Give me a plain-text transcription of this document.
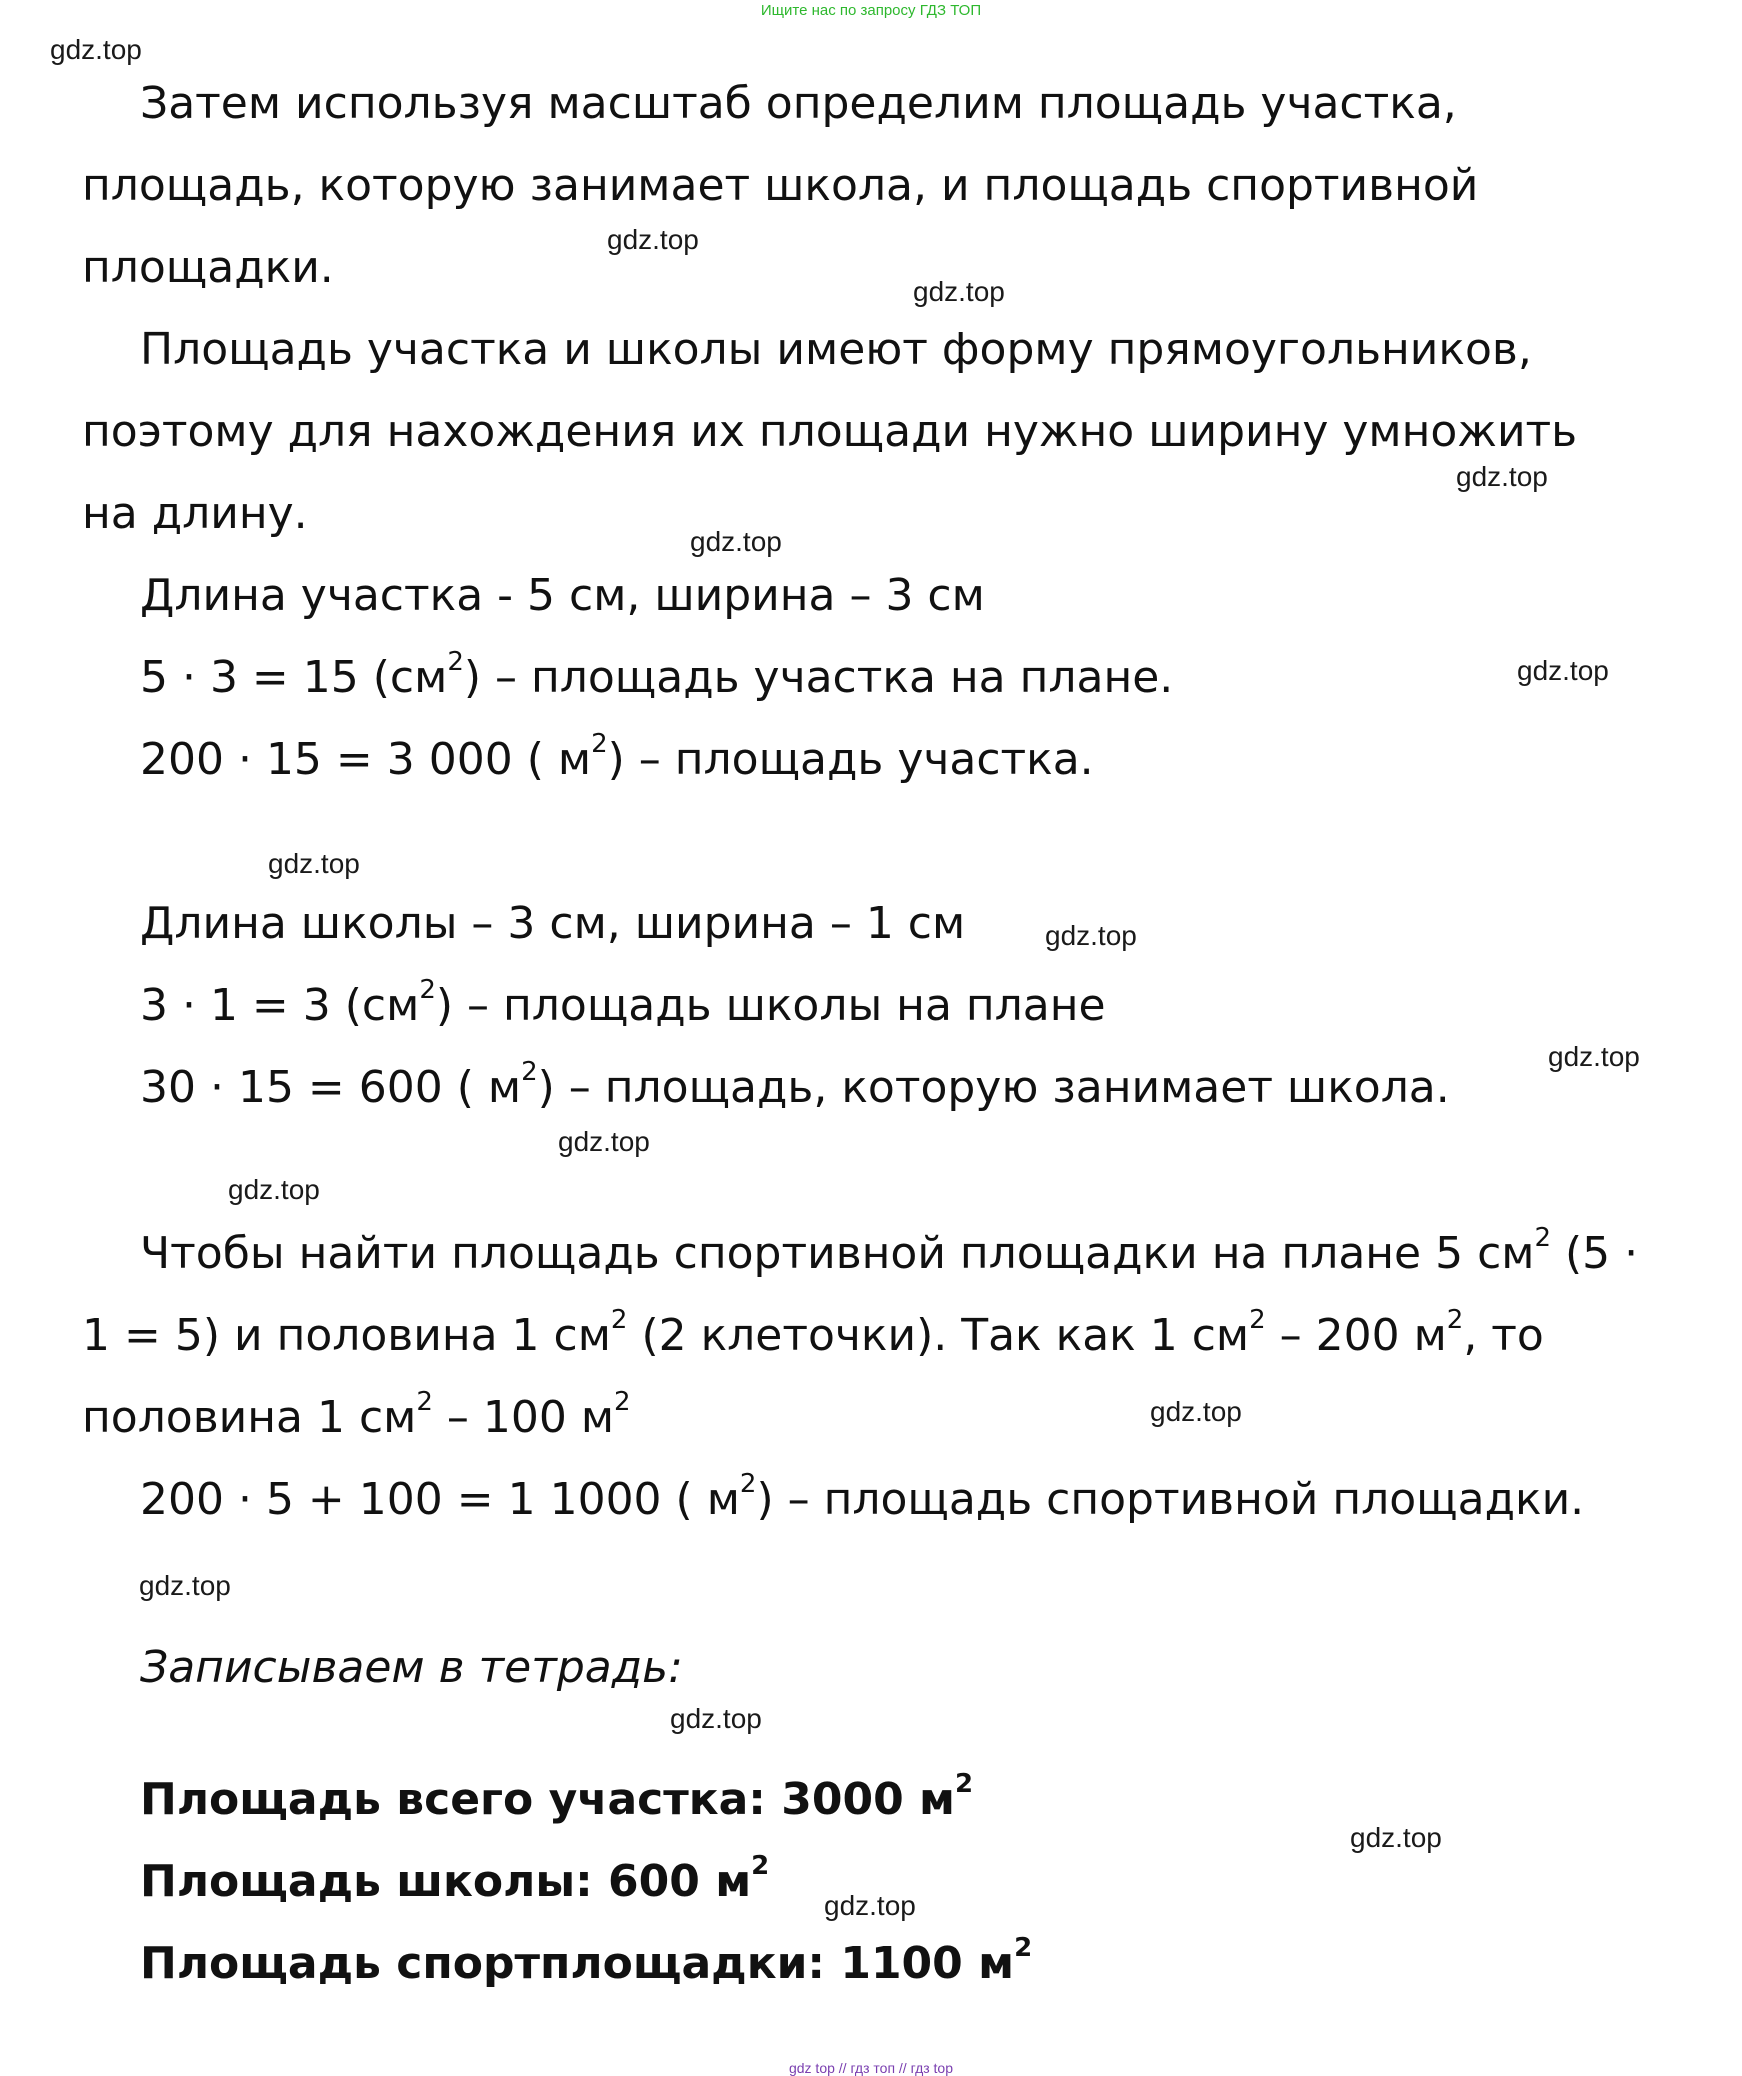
Ищите нас по запросу ГДЗ ТОП
gdz.top
gdz.top
gdz.top
gdz.top
gdz.top
gdz.top
gdz.top
gdz.top
gdz.top
gdz.top
gdz.top
gdz.top
gdz.top
gdz.top
gdz.top
gdz.top
Затем используя масштаб определим площадь участка,
площадь, которую занимает школа, и площадь спортивной
площадки.
Площадь участка и школы имеют форму прямоугольников,
поэтому для нахождения их площади нужно ширину умножить
на длину.
Длина участка - 5 см, ширина – 3 см
5 · 3 = 15 $(см^2)$ – площадь участка на плане.
200 · 15 = 3 000 ( $м^2$) – площадь участка.
Длина школы – 3 см, ширина – 1 см
3 · 1 = 3 $(см^2)$ – площадь школы на плане
30 · 15 = 600 ( $м^2$) – площадь, которую занимает школа.
Чтобы найти площадь спортивной площадки на плане 5 $см^2$ (5 ·
1 = 5) и половина 1 $см^2$ (2 клеточки). Так как 1 $см^2 - 200$ $м^2$, то
половина 1 $см^2 - 100$ $м^2$
200 · 5 + 100 = 1 1000 ( $м^2$) – площадь спортивной площадки.
Записываем в тетрадь:
Площадь всего участка: 3000 $м^2$
Площадь школы: 600 $м^2$
Площадь спортплощадки: 1100 $м^2$
gdz top // гдз топ // гдз top
